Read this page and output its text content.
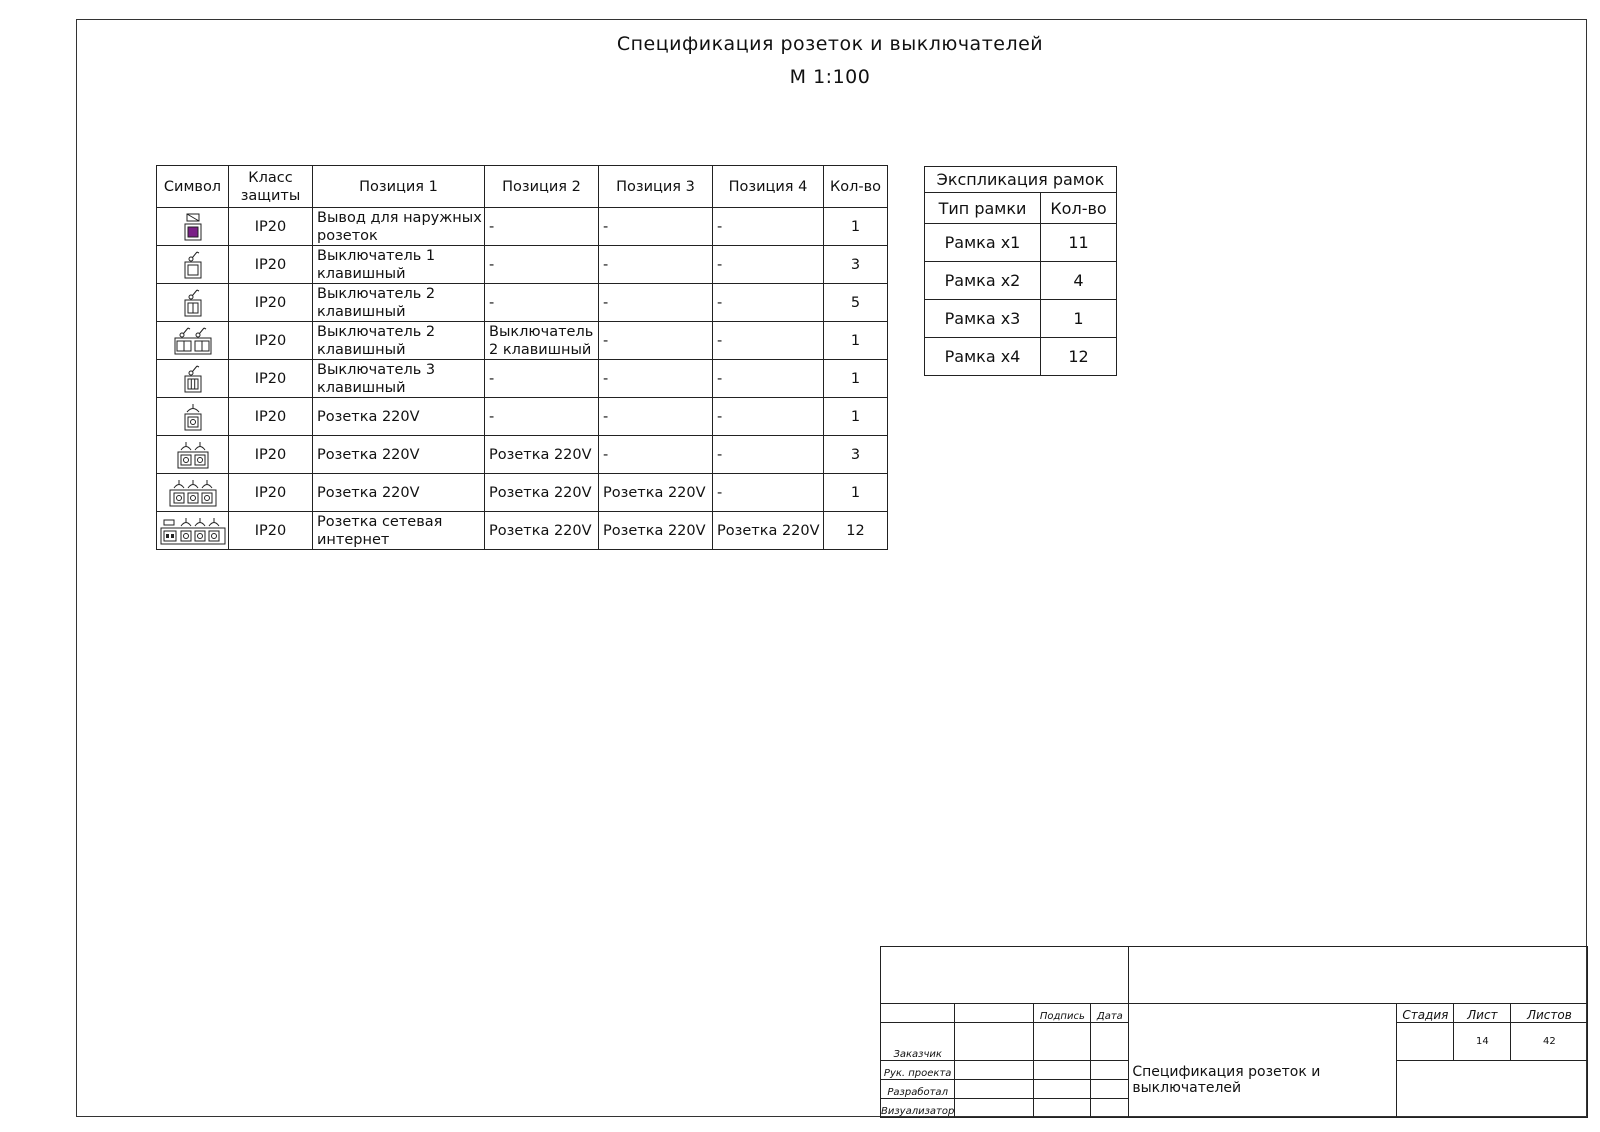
Спецификация розеток и выключателей
М 1:100
Символ	Класс защиты	Позиция 1	Позиция 2	Позиция 3	Позиция 4	Кол-во

	IP20	Вывод для наружных розеток	-	-	-	1

	IP20	Выключатель 1 клавишный	-	-	-	3

	IP20	Выключатель 2 клавишный	-	-	-	5

	IP20	Выключатель 2 клавишный	Выключатель 2 клавишный	-	-	1

	IP20	Выключатель 3 клавишный	-	-	-	1

	IP20	Розетка 220V	-	-	-	1

	IP20	Розетка 220V	Розетка 220V	-	-	3

	IP20	Розетка 220V	Розетка 220V	Розетка 220V	-	1

	IP20	Розетка сетевая интернет	Розетка 220V	Розетка 220V	Розетка 220V	12
Экспликация рамок	
Тип рамки	Кол-во
Рамка х1	11
Рамка х2	4
Рамка х3	1
Рамка х4	12

		Подпись	Дата	Спецификация розеток и выключателей	Стадия	Лист	Листов
Заказчик						14	42
Рук. проекта							
Разработал							
Визуализатор							
